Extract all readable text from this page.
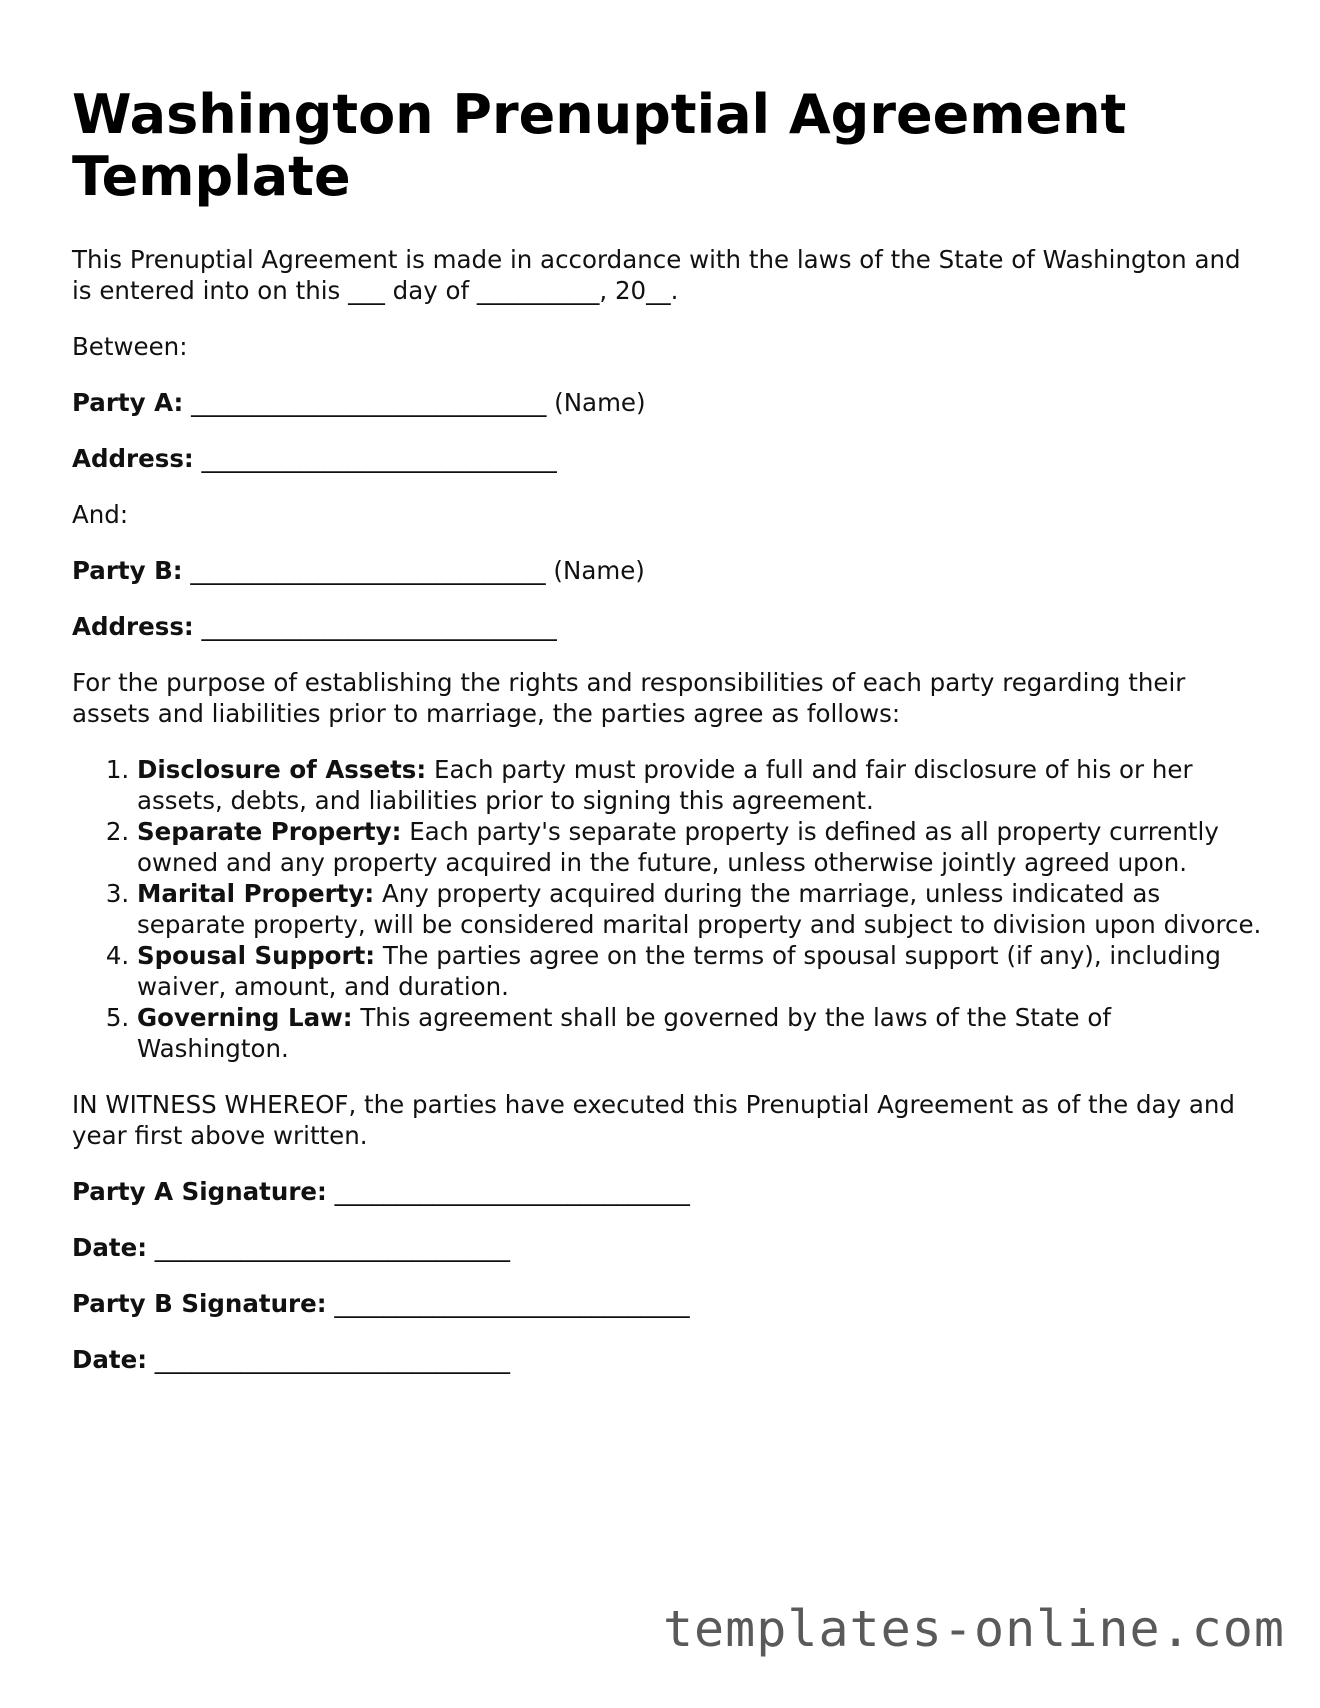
Washington Prenuptial Agreement Template

This Prenuptial Agreement is made in accordance with the laws of the State of Washington and is entered into on this ___ day of __________, 20__.

Between:

Party A: _____________________________ (Name)

Address: _____________________________

And:

Party B: _____________________________ (Name)

Address: _____________________________

For the purpose of establishing the rights and responsibilities of each party regarding their assets and liabilities prior to marriage, the parties agree as follows:

1. Disclosure of Assets: Each party must provide a full and fair disclosure of his or her assets, debts, and liabilities prior to signing this agreement.
2. Separate Property: Each party's separate property is defined as all property currently owned and any property acquired in the future, unless otherwise jointly agreed upon.
3. Marital Property: Any property acquired during the marriage, unless indicated as separate property, will be considered marital property and subject to division upon divorce.
4. Spousal Support: The parties agree on the terms of spousal support (if any), including waiver, amount, and duration.
5. Governing Law: This agreement shall be governed by the laws of the State of Washington.

IN WITNESS WHEREOF, the parties have executed this Prenuptial Agreement as of the day and year first above written.

Party A Signature: _____________________________

Date: _____________________________

Party B Signature: _____________________________

Date: _____________________________

templates-online.com
